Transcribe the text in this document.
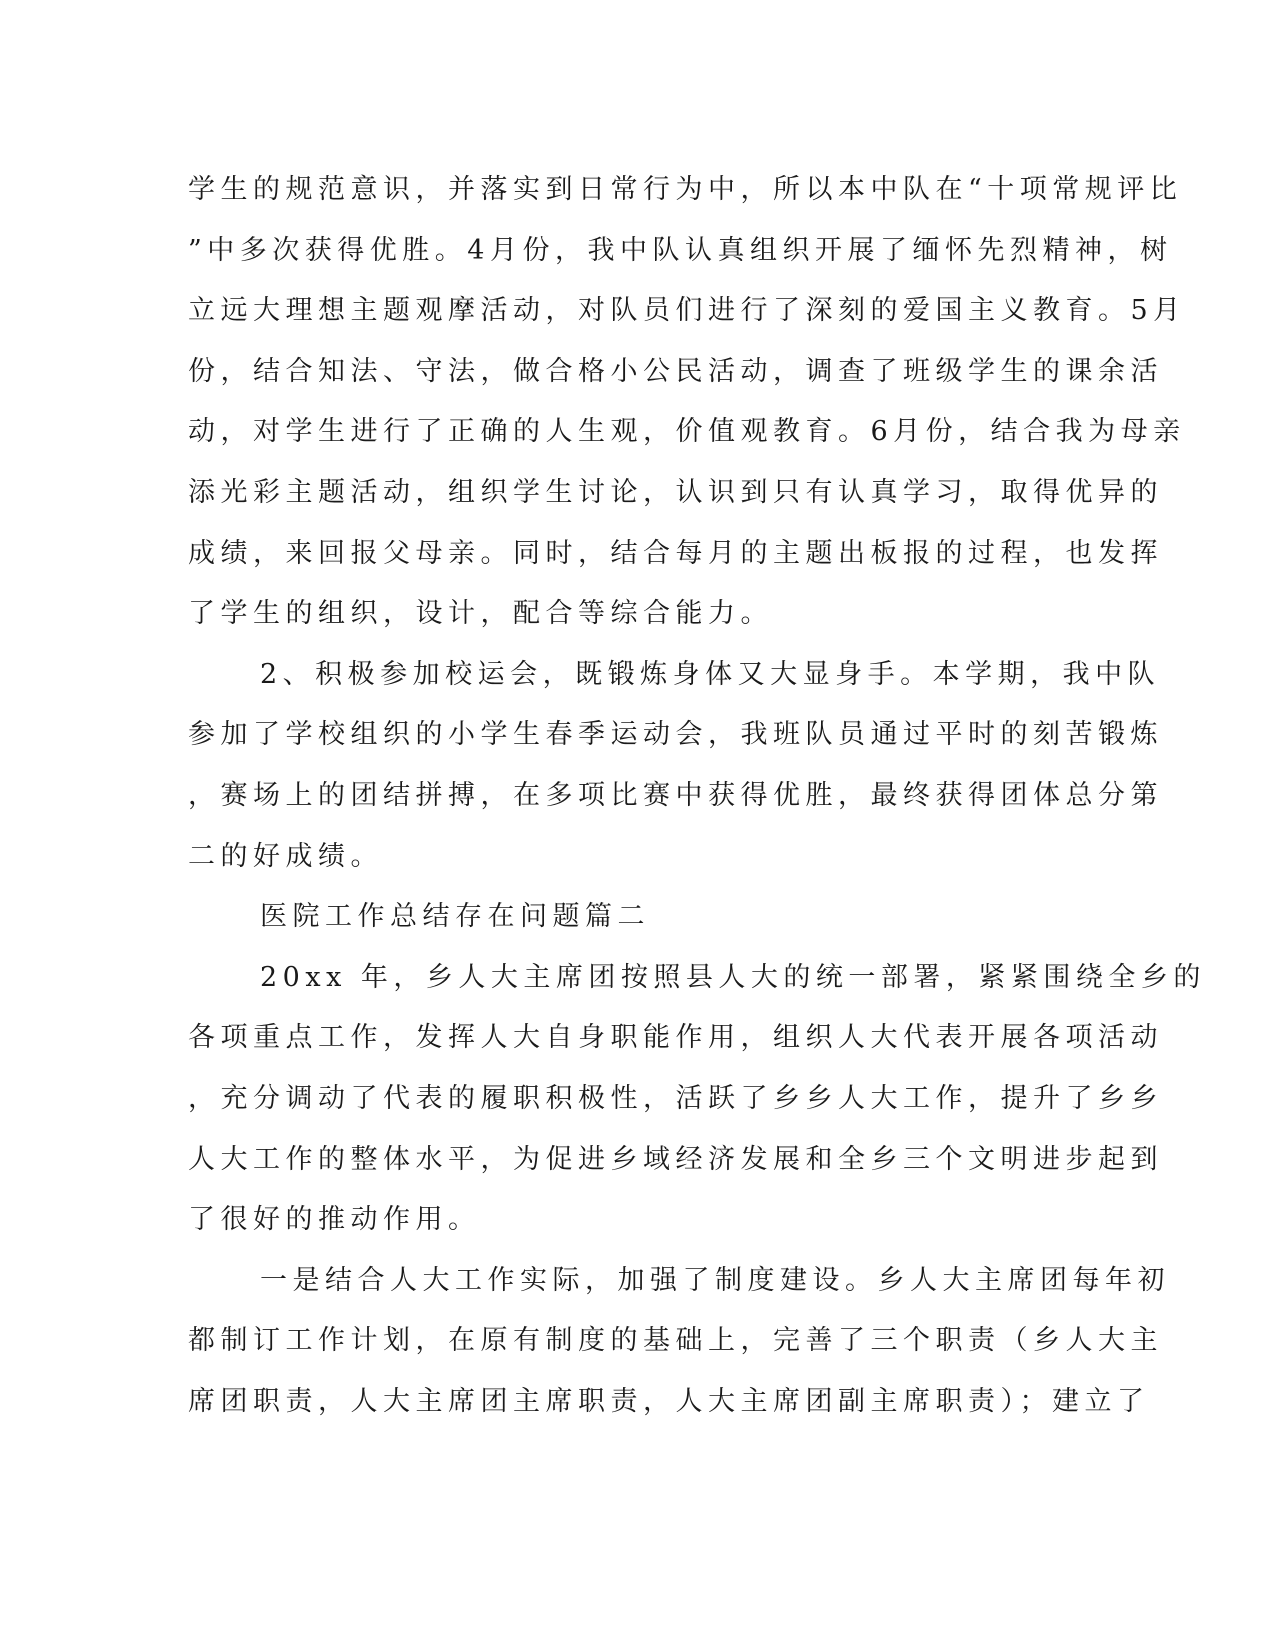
学生的规范意识，并落实到日常行为中，所以本中队在“十项常规评比
”中多次获得优胜。4月份，我中队认真组织开展了缅怀先烈精神，树
立远大理想主题观摩活动，对队员们进行了深刻的爱国主义教育。5月
份，结合知法、守法，做合格小公民活动，调查了班级学生的课余活
动，对学生进行了正确的人生观，价值观教育。6月份，结合我为母亲
添光彩主题活动，组织学生讨论，认识到只有认真学习，取得优异的
成绩，来回报父母亲。同时，结合每月的主题出板报的过程，也发挥
了学生的组织，设计，配合等综合能力。
2、积极参加校运会，既锻炼身体又大显身手。本学期，我中队
参加了学校组织的小学生春季运动会，我班队员通过平时的刻苦锻炼
，赛场上的团结拼搏，在多项比赛中获得优胜，最终获得团体总分第
二的好成绩。
医院工作总结存在问题篇二
20xx 年，乡人大主席团按照县人大的统一部署，紧紧围绕全乡的
各项重点工作，发挥人大自身职能作用，组织人大代表开展各项活动
，充分调动了代表的履职积极性，活跃了乡乡人大工作，提升了乡乡
人大工作的整体水平，为促进乡域经济发展和全乡三个文明进步起到
了很好的推动作用。
一是结合人大工作实际，加强了制度建设。乡人大主席团每年初
都制订工作计划，在原有制度的基础上，完善了三个职责（乡人大主
席团职责，人大主席团主席职责，人大主席团副主席职责）；建立了
